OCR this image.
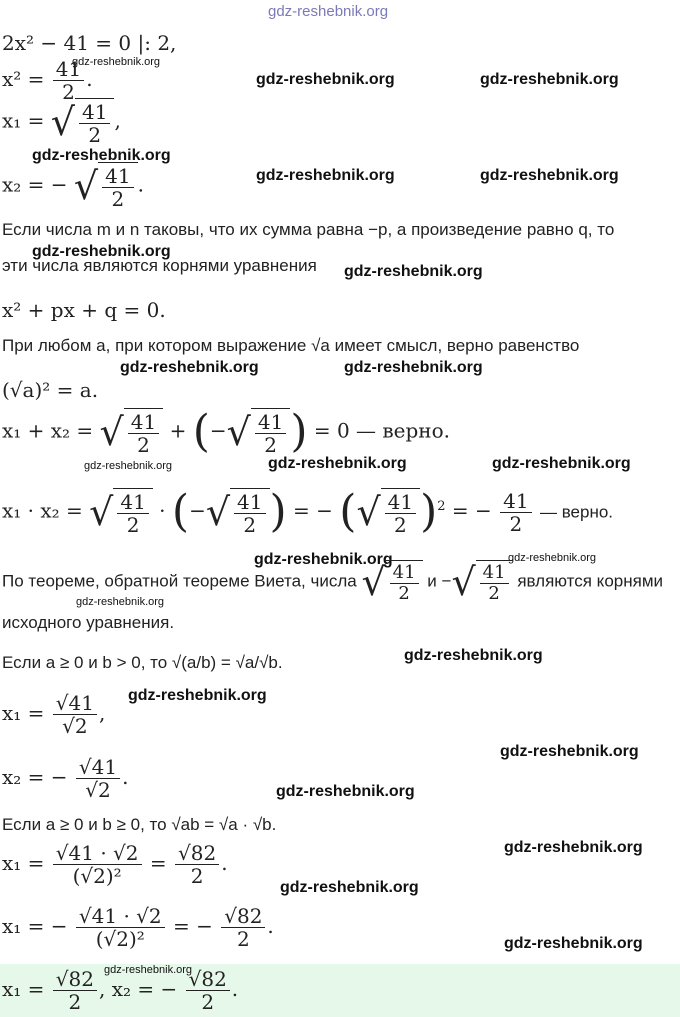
gdz-reshebnik.org
2x² − 41 = 0 |: 2,
$x^2 = \frac{41}{2}$ .
gdz-reshebnik.org
gdz-reshebnik.org	gdz-reshebnik.org
x₁ = √ $\frac{41}{2}$ ,
gdz-reshebnik.org
x₂ = − √ $\frac{41}{2}$ .	gdz-reshebnik.org	gdz-reshebnik.org
Если числа m и n таковы, что их сумма равна −p, а произведение равно q, то
эти числа являются корнями уравнения
gdz-reshebnik.org
gdz-reshebnik.org
x² + px + q = 0.
При любом a, при котором выражение √a имеет смысл, верно равенство
(√a)² = a.
gdz-reshebnik.org	gdz-reshebnik.org
x₁ + x₂ = √ $\frac{41}{2}$ + (−√ $\frac{41}{2}$ ) = 0 — верно.
gdz-reshebnik.org	gdz-reshebnik.org	gdz-reshebnik.org
x₁ · x₂ = √ $\frac{41}{2}$ · (−√ $\frac{41}{2}$ ) = − (√ $\frac{41}{2} )^2$ = − $\frac{41}{2}$ — верно.
gdz-reshebnik.org	gdz-reshebnik.org
По теореме, обратной теореме Виета, числа √ $\frac{41}{2}$ и −√ $\frac{41}{2}$ являются корнями
gdz-reshebnik.org
исходного уравнения.
Если a ≥ 0 и b > 0, то √(a/b) = √a/√b.	gdz-reshebnik.org
gdz-reshebnik.org
$x_1 = \frac{√41}{√2}$ ,
gdz-reshebnik.org
x₂ = − $\frac{√41}{√2}$ .
gdz-reshebnik.org
Если a ≥ 0 и b ≥ 0, то √ab = √a · √b.
$x_1 = \frac{√41 \cdot √2}{\text{(√2)²}} = \frac{√82}{2}$ .
gdz-reshebnik.org
gdz-reshebnik.org
x₁ = − $\frac{√41 \cdot √2}{\text{(√2)²}}$ = − $\frac{√82}{2}$ .
gdz-reshebnik.org
$x_1 = \frac{√82}{2}$ , x₂ = − $\frac{√82}{2}$ .
gdz-reshebnik.org
